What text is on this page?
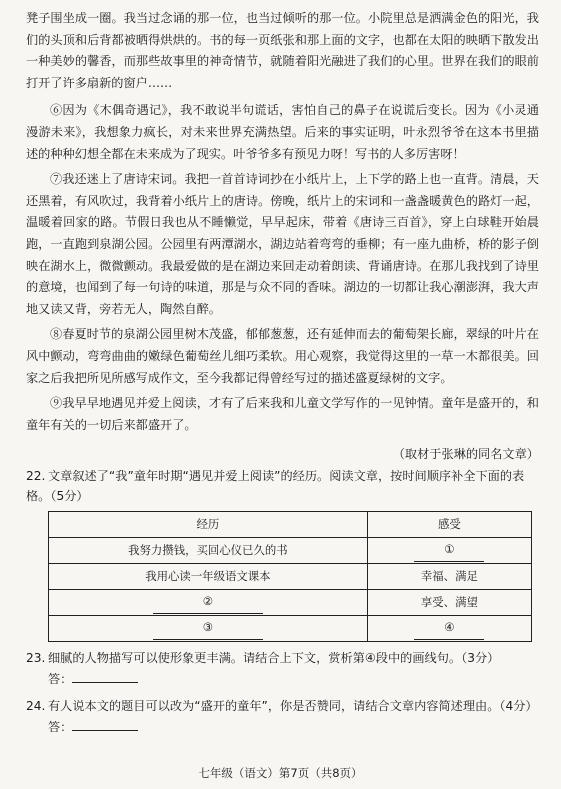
凳子围坐成一圈。我当过念诵的那一位，也当过倾听的那一位。小院里总是洒满金色的阳光，我们的头顶和后背都被晒得烘烘的。书的每一页纸张和那上面的文字，也都在太阳的映晒下散发出一种美妙的馨香，而那些故事里的神奇情节，就随着阳光融进了我们的心里。世界在我们的眼前打开了许多扇新的窗户……

⑥因为《木偶奇遇记》，我不敢说半句谎话，害怕自己的鼻子在说谎后变长。因为《小灵通漫游未来》，我想象力疯长，对未来世界充满热望。后来的事实证明，叶永烈爷爷在这本书里描述的种种幻想全都在未来成为了现实。叶爷爷多有预见力呀！写书的人多厉害呀！

⑦我还迷上了唐诗宋词。我把一首首诗词抄在小纸片上，上下学的路上也一直背。清晨，天还黑着，有风吹过，我背着小纸片上的唐诗。傍晚，纸片上的宋词和一盏盏暖黄色的路灯一起，温暖着回家的路。节假日我也从不睡懒觉，早早起床，带着《唐诗三百首》，穿上白球鞋开始晨跑，一直跑到泉湖公园。公园里有两潭湖水，湖边站着弯弯的垂柳；有一座九曲桥，桥的影子倒映在湖水上，微微颤动。我最爱做的是在湖边来回走动着朗读、背诵唐诗。在那儿我找到了诗里的意境，也闻到了每一句诗的味道，那是与众不同的香味。湖边的一切都让我心潮澎湃，我大声地又读又背，旁若无人，陶然自醉。

⑧春夏时节的泉湖公园里树木茂盛，郁郁葱葱，还有延伸而去的葡萄架长廊，翠绿的叶片在风中颤动，弯弯曲曲的嫩绿色葡萄丝儿细巧柔软。用心观察，我觉得这里的一草一木都很美。回家之后我把所见所感写成作文，至今我都记得曾经写过的描述盛夏绿树的文字。

⑨我早早地遇见并爱上阅读，才有了后来我和儿童文学写作的一见钟情。童年是盛开的，和童年有关的一切后来都盛开了。

（取材于张琳的同名文章）

22. 文章叙述了“我”童年时期“遇见并爱上阅读”的经历。阅读文章，按时间顺序补全下面的表格。（5分）

经历	感受
我努力攒钱，买回心仪已久的书	①
我用心读一年级语文课本	幸福、满足
②	享受、满望
③	④

23. 细腻的人物描写可以使形象更丰满。请结合上下文，赏析第④段中的画线句。（3分）

答：

24. 有人说本文的题目可以改为“盛开的童年”，你是否赞同，请结合文章内容简述理由。（4分）

答：

七年级（语文）第7页（共8页）
